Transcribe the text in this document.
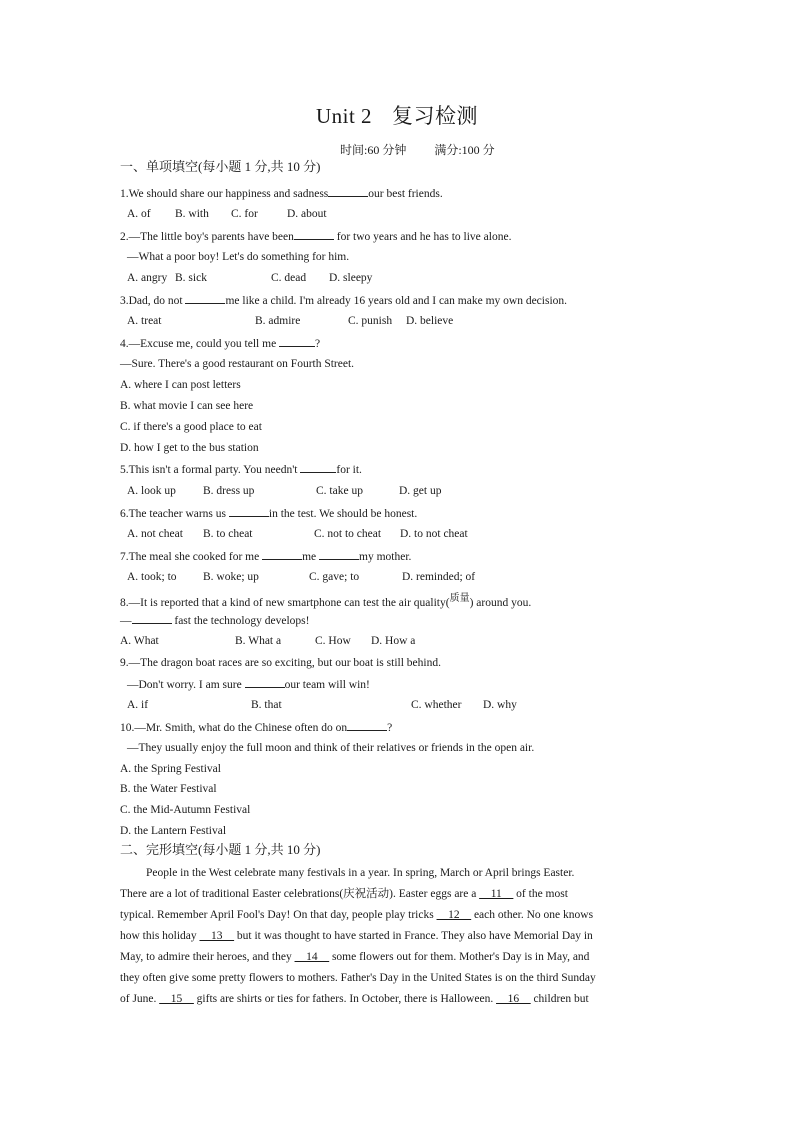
Unit 2 复习检测
时间:60 分钟 满分:100 分
一、单项填空(每小题 1 分,共 10 分)
1.We should share our happiness and sadness	our best friends.
A. of B. with C. for	D. about
2.—The little boy's parents have been	for two years and he has to live alone.
—What a poor boy! Let's do something for him.
A. angry B. sick	C. dead D. sleepy
3.Dad, do not	me like a child. I'm already 16 years old and I can make my own decision.
A. treat	B. admire	C. punish D. believe
4.—Excuse me, could you tell me	?
—Sure. There's a good restaurant on Fourth Street.
A. where I can post letters
B. what movie I can see here
C. if there's a good place to eat
D. how I get to the bus station
5.This isn't a formal party. You needn't	for it.
A. look up B. dress up	C. take up	D. get up
6.The teacher warns us	in the test. We should be honest.
A. not cheat B. to cheat	C. not to cheat D. to not cheat
7.The meal she cooked for me	me	my mother.
A. took; to B. woke; up	C. gave; to	D. reminded; of
8.—It is reported that a kind of new smartphone can test the air quality($^{质量}$) around you.
—	fast the technology develops!
A. What	B. What a	C. How D. How a
9.—The dragon boat races are so exciting, but our boat is still behind.
—Don't worry. I am sure	our team will win!
A. if	B. that	C. whether D. why
10.—Mr. Smith, what do the Chinese often do on	?
—They usually enjoy the full moon and think of their relatives or friends in the open air.
A. the Spring Festival
B. the Water Festival
C. the Mid-Autumn Festival
D. the Lantern Festival
二、完形填空(每小题 1 分,共 10 分)

People in the West celebrate many festivals in a year. In spring, March or April brings Easter.

There are a lot of traditional Easter celebrations(庆祝活动). Easter eggs are a __11__ of the most

typical. Remember April Fool's Day! On that day, people play tricks __12__ each other. No one knows

how this holiday __13__ but it was thought to have started in France. They also have Memorial Day in

May, to admire their heroes, and they __14__ some flowers out for them. Mother's Day is in May, and

they often give some pretty flowers to mothers. Father's Day in the United States is on the third Sunday

of June. __15__ gifts are shirts or ties for fathers. In October, there is Halloween. __16__ children but
